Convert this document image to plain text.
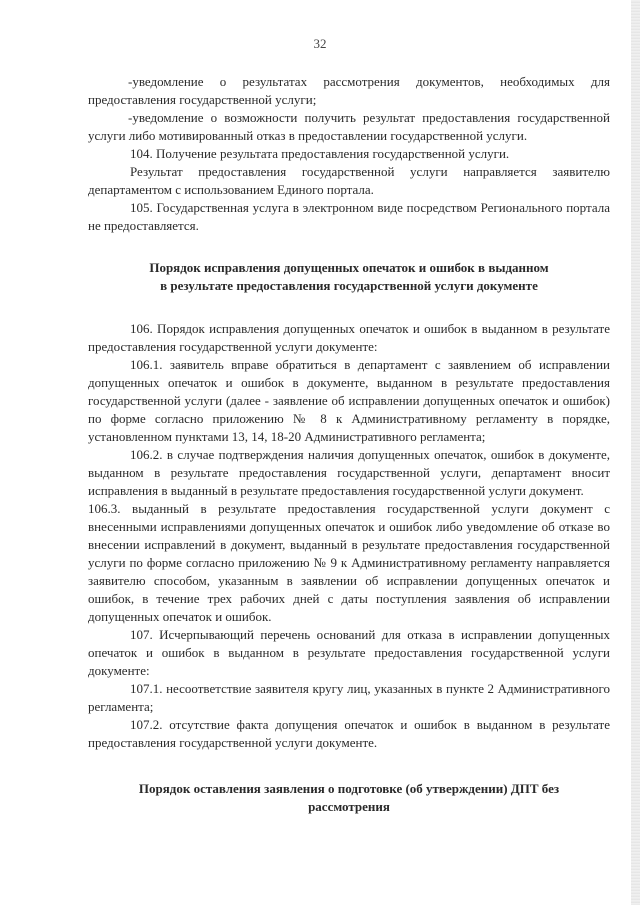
32

-уведомление о результатах рассмотрения документов, необходимых для предоставления государственной услуги;

-уведомление о возможности получить результат предоставления государственной услуги либо мотивированный отказ в предоставлении государственной услуги.

104. Получение результата предоставления государственной услуги.

Результат предоставления государственной услуги направляется заявителю департаментом с использованием Единого портала.

105. Государственная услуга в электронном виде посредством Регионального портала не предоставляется.

Порядок исправления допущенных опечаток и ошибок в выданном
в результате предоставления государственной услуги документе

106. Порядок исправления допущенных опечаток и ошибок в выданном в результате предоставления государственной услуги документе:

106.1. заявитель вправе обратиться в департамент с заявлением об исправлении допущенных опечаток и ошибок в документе, выданном в результате предоставления государственной услуги (далее - заявление об исправлении допущенных опечаток и ошибок) по форме согласно приложению № 8 к Административному регламенту в порядке, установленном пунктами 13, 14, 18-20 Административного регламента;

106.2. в случае подтверждения наличия допущенных опечаток, ошибок в документе, выданном в результате предоставления государственной услуги, департамент вносит исправления в выданный в результате предоставления государственной услуги документ.

106.3. выданный в результате предоставления государственной услуги документ с внесенными исправлениями допущенных опечаток и ошибок либо уведомление об отказе во внесении исправлений в документ, выданный в результате предоставления государственной услуги по форме согласно приложению № 9 к Административному регламенту направляется заявителю способом, указанным в заявлении об исправлении допущенных опечаток и ошибок, в течение трех рабочих дней с даты поступления заявления об исправлении допущенных опечаток и ошибок.

107. Исчерпывающий перечень оснований для отказа в исправлении допущенных опечаток и ошибок в выданном в результате предоставления государственной услуги документе:

107.1. несоответствие заявителя кругу лиц, указанных в пункте 2 Административного регламента;

107.2. отсутствие факта допущения опечаток и ошибок в выданном в результате предоставления государственной услуги документе.

Порядок оставления заявления о подготовке (об утверждении) ДПТ без
рассмотрения
